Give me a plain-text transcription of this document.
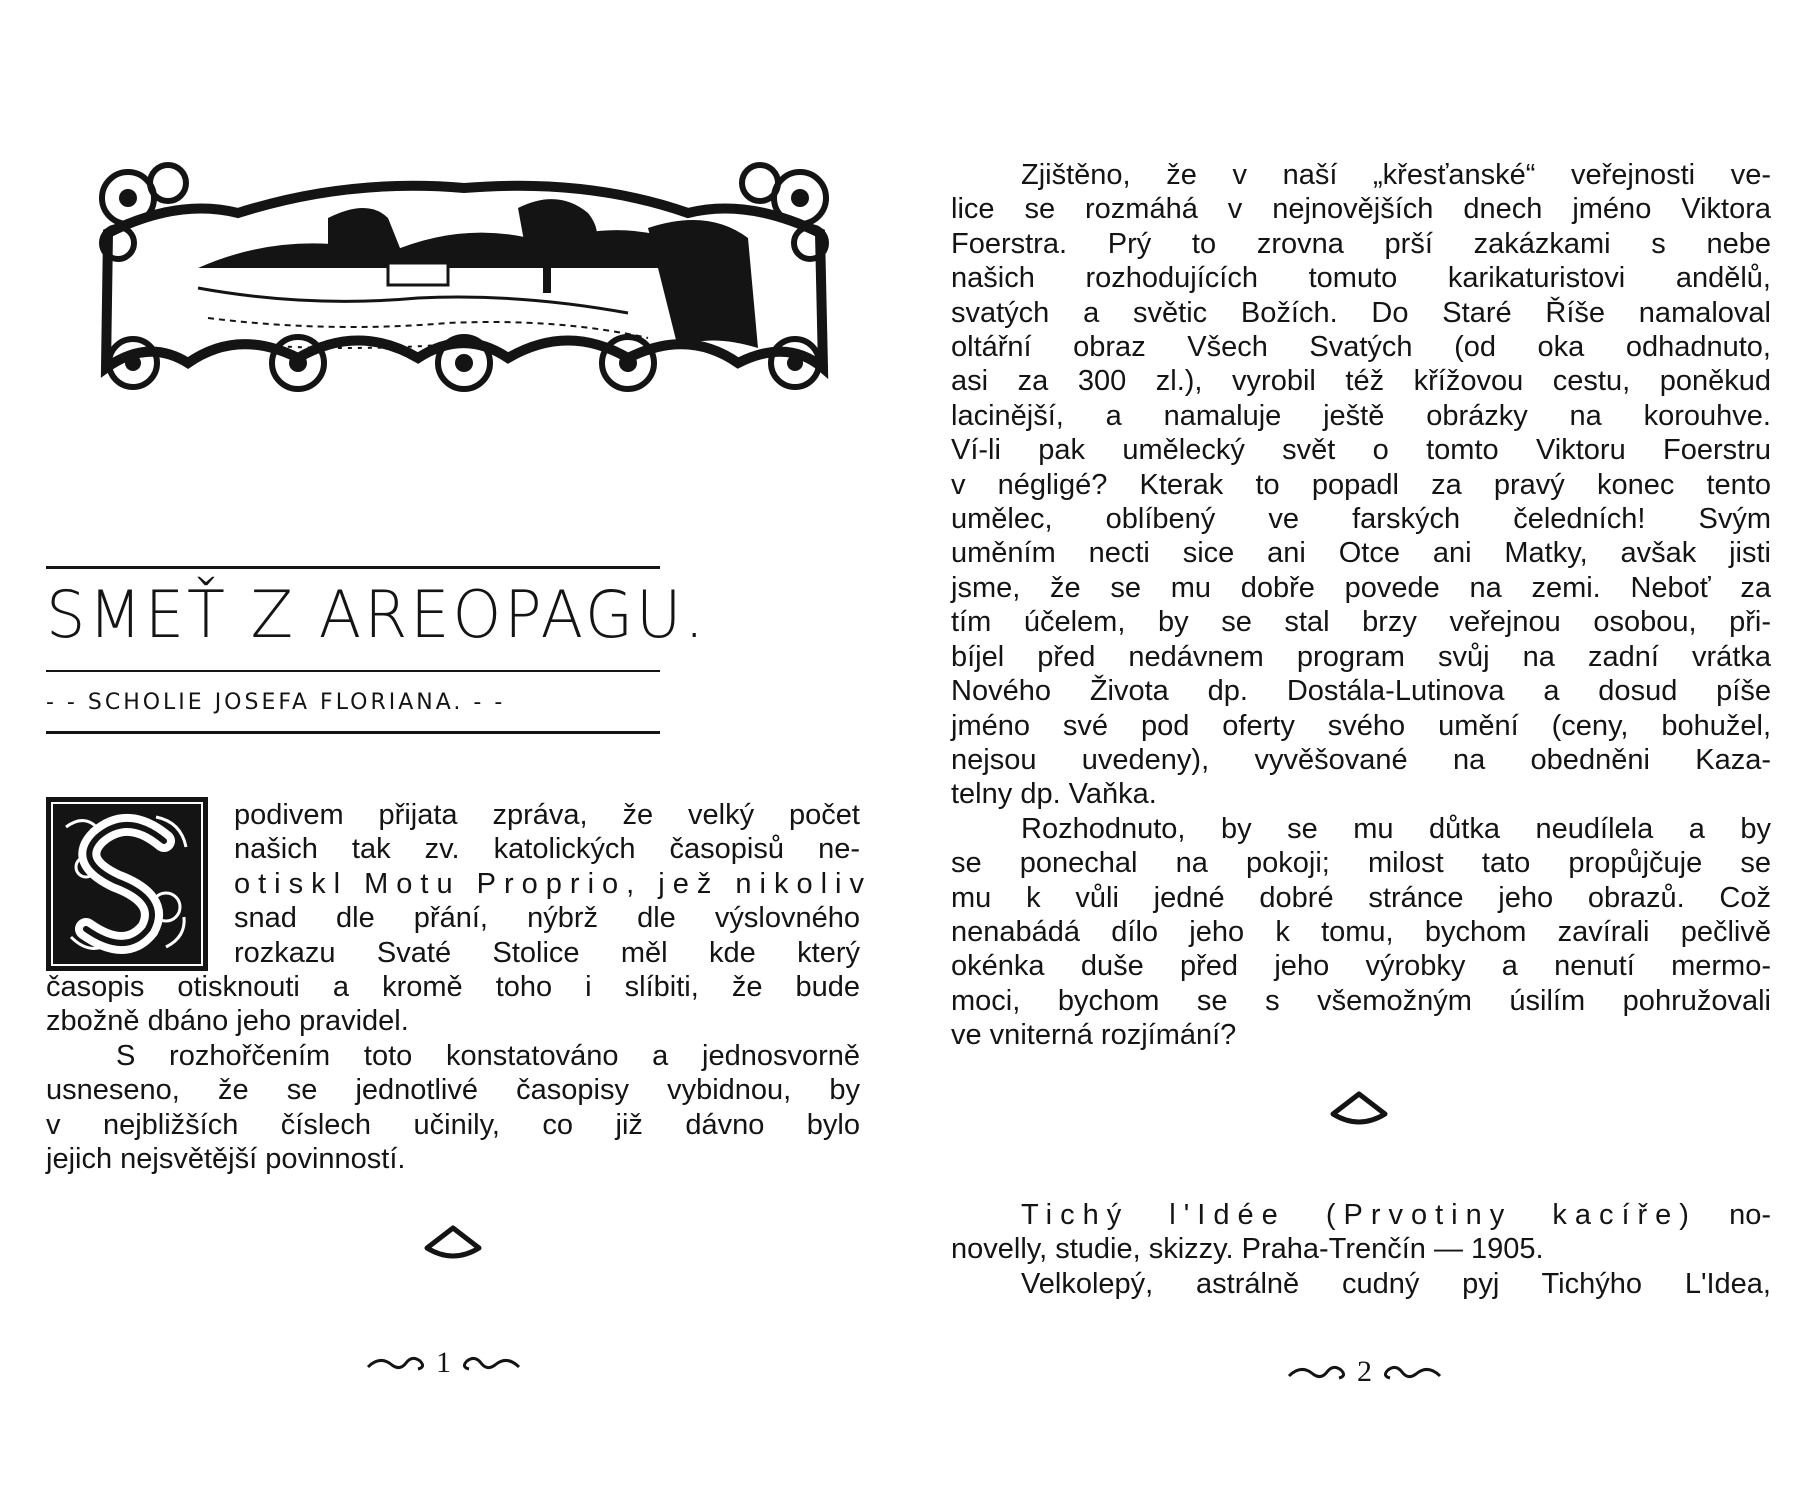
SMEŤ Z AREOPAGU.

- - SCHOLIE JOSEFA FLORIANA. - -

podivem přijata zpráva, že velký počet
našich tak zv. katolických časopisů ne-
otiskl Motu Proprio, jež nikoliv
snad dle přání, nýbrž dle výslovného
rozkazu Svaté Stolice měl kde který

časopis otisknouti a kromě toho i slíbiti, že bude
zbožně dbáno jeho pravidel.
S rozhořčením toto konstatováno a jednosvorně
usneseno, že se jednotlivé časopisy vybidnou, by
v nejbližších číslech učinily, co již dávno bylo
jejich nejsvětější povinností.

1

Zjištěno, že v naší „křesťanské“ veřejnosti ve-
lice se rozmáhá v nejnovějších dnech jméno Viktora
Foerstra. Prý to zrovna prší zakázkami s nebe
našich rozhodujících tomuto karikaturistovi andělů,
svatých a světic Božích. Do Staré Říše namaloval
oltářní obraz Všech Svatých (od oka odhadnuto,
asi za 300 zl.), vyrobil též křížovou cestu, poněkud
lacinější, a namaluje ještě obrázky na korouhve.
Ví-li pak umělecký svět o tomto Viktoru Foerstru
v négligé? Kterak to popadl za pravý konec tento
umělec, oblíbený ve farských čeledních! Svým
uměním necti sice ani Otce ani Matky, avšak jisti
jsme, že se mu dobře povede na zemi. Neboť za
tím účelem, by se stal brzy veřejnou osobou, při-
bíjel před nedávnem program svůj na zadní vrátka
Nového Života dp. Dostála-Lutinova a dosud píše
jméno své pod oferty svého umění (ceny, bohužel,
nejsou uvedeny), vyvěšované na obedněni Kaza-
telny dp. Vaňka.
Rozhodnuto, by se mu důtka neudílela a by
se ponechal na pokoji; milost tato propůjčuje se
mu k vůli jedné dobré stránce jeho obrazů. Což
nenabádá dílo jeho k tomu, bychom zavírali pečlivě
okénka duše před jeho výrobky a nenutí mermo-
moci, bychom se s všemožným úsilím pohružovali
ve vniterná rozjímání?

Tichý l'Idée (Prvotiny kacíře) no-
novelly, studie, skizzy. Praha-Trenčín — 1905.
Velkolepý, astrálně cudný pyj Tichýho L'Idea,

2
